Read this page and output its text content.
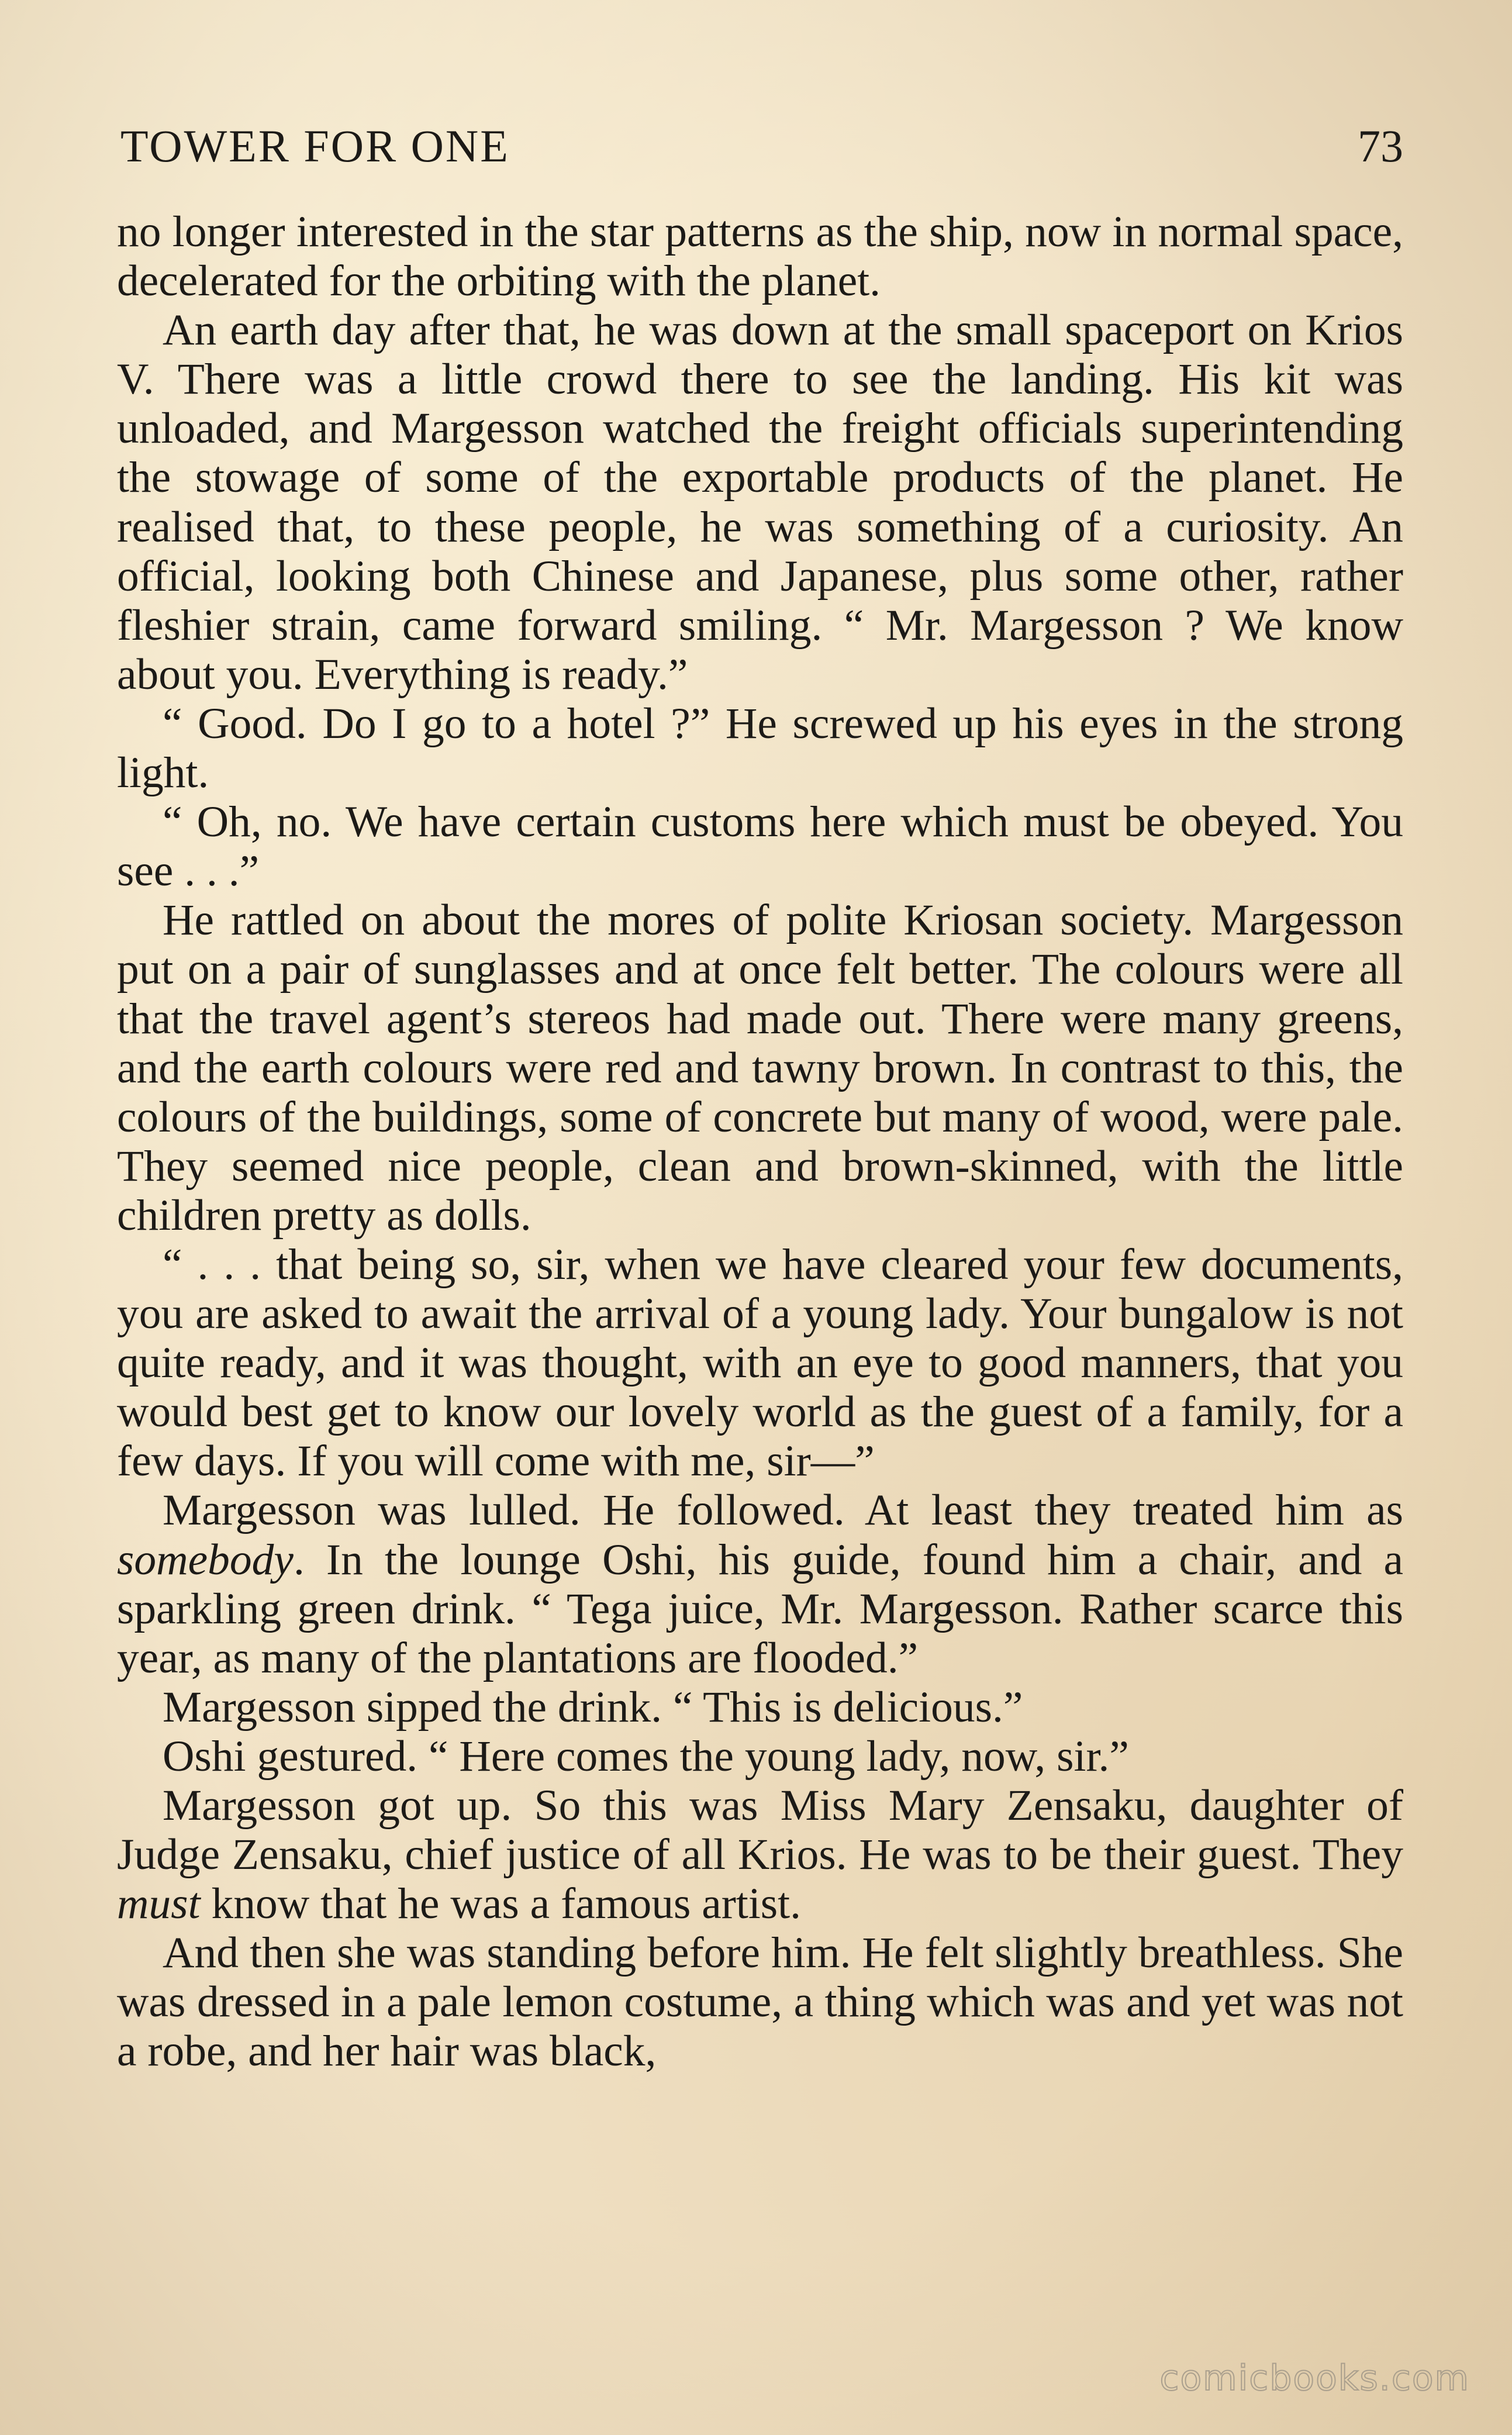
TOWER FOR ONE	73

no longer interested in the star patterns as the ship, now in normal space, decelerated for the orbiting with the planet.

An earth day after that, he was down at the small spaceport on Krios V. There was a little crowd there to see the landing. His kit was unloaded, and Margesson watched the freight officials superintending the stowage of some of the exportable products of the planet. He realised that, to these people, he was something of a curiosity. An official, looking both Chinese and Japanese, plus some other, rather fleshier strain, came forward smiling. “ Mr. Margesson ? We know about you. Everything is ready.”

“ Good. Do I go to a hotel ?” He screwed up his eyes in the strong light.

“ Oh, no. We have certain customs here which must be obeyed. You see . . .”

He rattled on about the mores of polite Kriosan society. Margesson put on a pair of sunglasses and at once felt better. The colours were all that the travel agent’s stereos had made out. There were many greens, and the earth colours were red and tawny brown. In contrast to this, the colours of the buildings, some of concrete but many of wood, were pale. They seemed nice people, clean and brown-skinned, with the little children pretty as dolls.

“ . . . that being so, sir, when we have cleared your few documents, you are asked to await the arrival of a young lady. Your bungalow is not quite ready, and it was thought, with an eye to good manners, that you would best get to know our lovely world as the guest of a family, for a few days. If you will come with me, sir—”

Margesson was lulled. He followed. At least they treated him as somebody. In the lounge Oshi, his guide, found him a chair, and a sparkling green drink. “ Tega juice, Mr. Margesson. Rather scarce this year, as many of the plantations are flooded.”

Margesson sipped the drink. “ This is delicious.”

Oshi gestured. “ Here comes the young lady, now, sir.”

Margesson got up. So this was Miss Mary Zensaku, daughter of Judge Zensaku, chief justice of all Krios. He was to be their guest. They must know that he was a famous artist.

And then she was standing before him. He felt slightly breathless. She was dressed in a pale lemon costume, a thing which was and yet was not a robe, and her hair was black,

comicbooks.com
